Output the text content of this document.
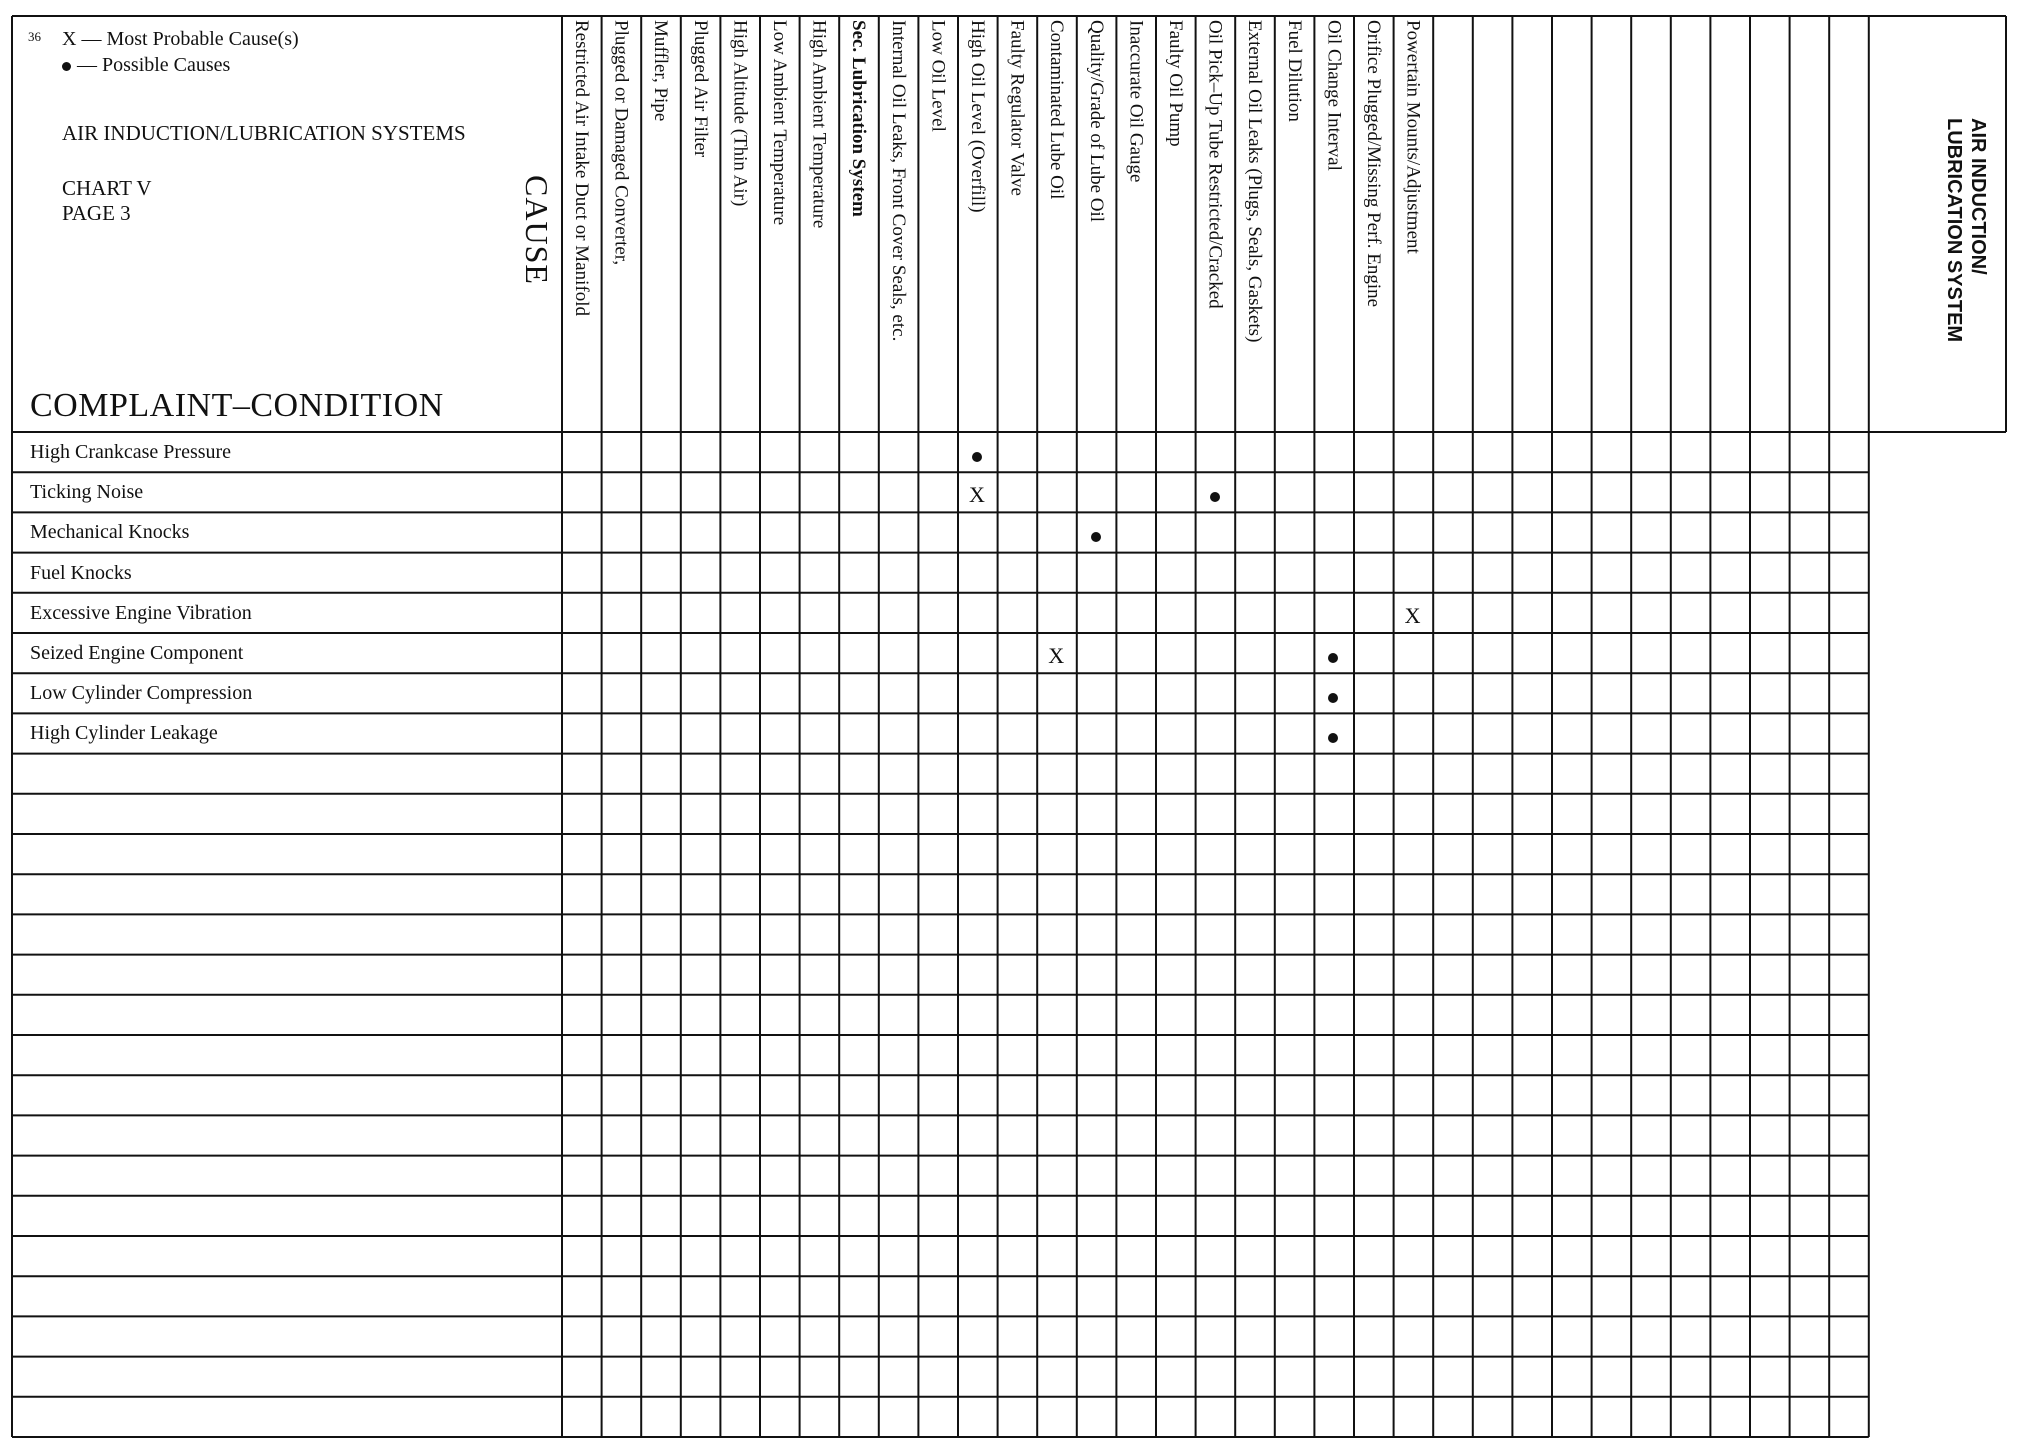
36	X — Most Probable Cause(s)
— Possible Causes
AIR INDUCTION/LUBRICATION SYSTEMS
CHART V
PAGE 3	CAUSE
COMPLAINT–CONDITION
AIR INDUCTION/ LUBRICATION SYSTEM
Restricted Air Intake Duct or Manifold Plugged or Damaged Converter, Muffler, Pipe Plugged Air Filter High Altitude (Thin Air) Low Ambient Temperature High Ambient Temperature Sec. Lubrication System Internal Oil Leaks, Front Cover Seals, etc. Low Oil Level High Oil Level (Overfill) Faulty Regulator Valve Contaminated Lube Oil Quality/Grade of Lube Oil Inaccurate Oil Gauge Faulty Oil Pump Oil Pick–Up Tube Restricted/Cracked External Oil Leaks (Plugs, Seals, Gaskets) Fuel Dilution Oil Change Interval Orifice Plugged/Missing Perf. Engine Powertain Mounts/Adjustment
High Crankcase Pressure
Ticking Noise
Mechanical Knocks
Fuel Knocks
Excessive Engine Vibration
Seized Engine Component
Low Cylinder Compression
High Cylinder Leakage
X
X
X
